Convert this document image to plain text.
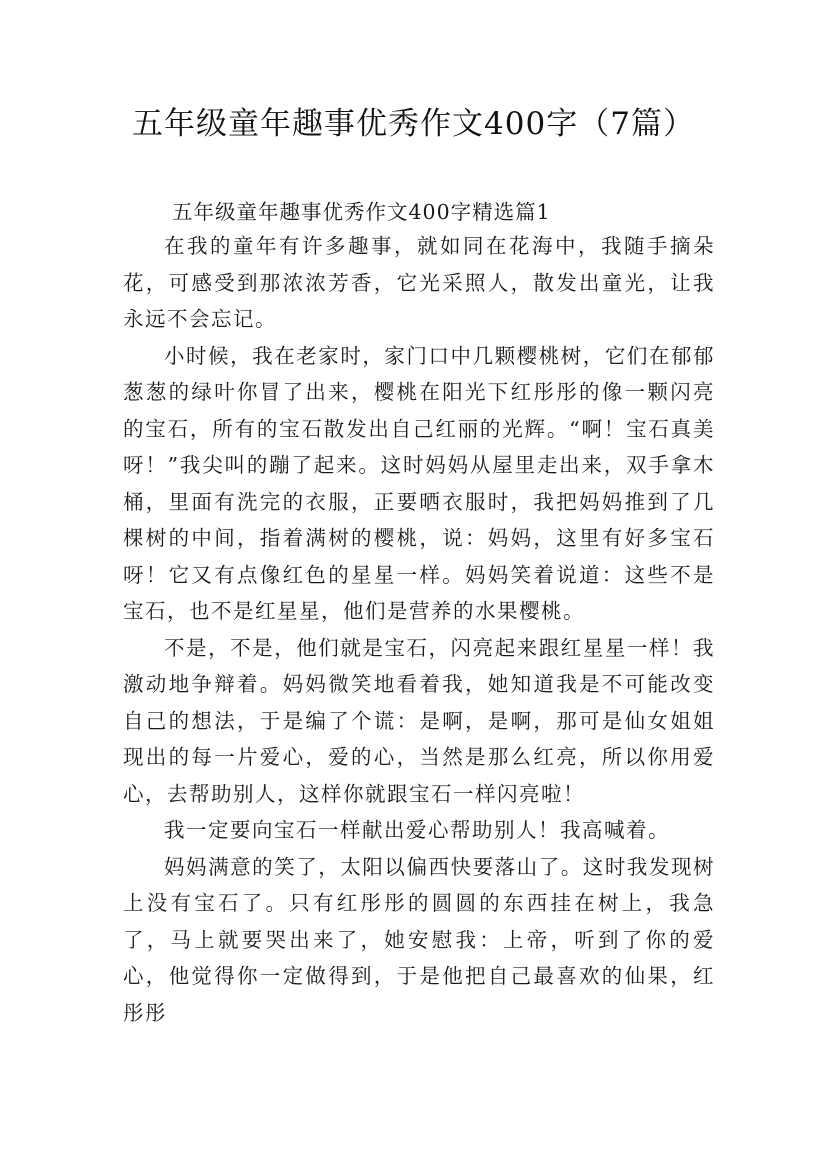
五年级童年趣事优秀作文400字（7篇）
五年级童年趣事优秀作文400字精选篇1

在我的童年有许多趣事，就如同在花海中，我随手摘朵花，可感受到那浓浓芳香，它光采照人，散发出童光，让我永远不会忘记。

小时候，我在老家时，家门口中几颗樱桃树，它们在郁郁葱葱的绿叶你冒了出来，樱桃在阳光下红彤彤的像一颗闪亮的宝石，所有的宝石散发出自己红丽的光辉。“啊！宝石真美呀！”我尖叫的蹦了起来。这时妈妈从屋里走出来，双手拿木桶，里面有洗完的衣服，正要晒衣服时，我把妈妈推到了几棵树的中间，指着满树的樱桃，说：妈妈，这里有好多宝石呀！它又有点像红色的星星一样。妈妈笑着说道：这些不是宝石，也不是红星星，他们是营养的水果樱桃。

不是，不是，他们就是宝石，闪亮起来跟红星星一样！我激动地争辩着。妈妈微笑地看着我，她知道我是不可能改变自己的想法，于是编了个谎：是啊，是啊，那可是仙女姐姐现出的每一片爱心，爱的心，当然是那么红亮，所以你用爱心，去帮助别人，这样你就跟宝石一样闪亮啦！

我一定要向宝石一样献出爱心帮助别人！我高喊着。

妈妈满意的笑了，太阳以偏西快要落山了。这时我发现树上没有宝石了。只有红彤彤的圆圆的东西挂在树上，我急了，马上就要哭出来了，她安慰我：上帝，听到了你的爱心，他觉得你一定做得到，于是他把自己最喜欢的仙果，红彤彤
